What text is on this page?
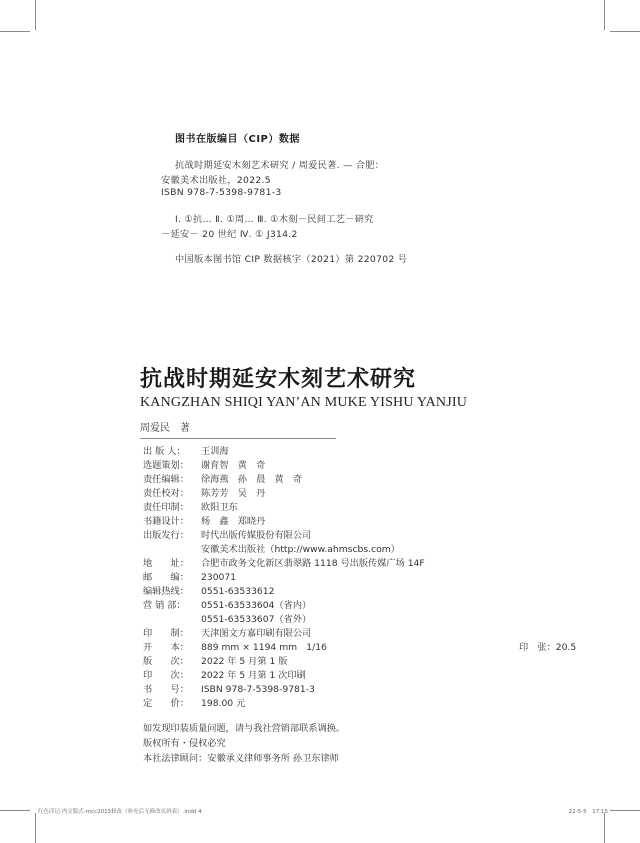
图书在版编目（CIP）数据
抗战时期延安木刻艺术研究 / 周爱民著. — 合肥：
安徽美术出版社，2022.5
ISBN 978-7-5398-9781-3
Ⅰ. ①抗… Ⅱ. ①周… Ⅲ. ①木刻－民间工艺－研究
－延安－ 20 世纪 Ⅳ. ① J314.2
中国版本图书馆 CIP 数据核字（2021）第 220702 号
抗战时期延安木刻艺术研究
KANGZHAN SHIQI YAN’AN MUKE YISHU YANJIU
周爱民　著
出 版 人： 王训海
选题策划： 谢育智　黄　奇
责任编辑： 徐海燕　孙　晨　黄　奇
责任校对： 陈芳芳　吴　丹
责任印制： 欧阳卫东
书籍设计： 杨　鑫　郑晓丹
出版发行： 时代出版传媒股份有限公司
安徽美术出版社（http://www.ahmscbs.com）
地　　址： 合肥市政务文化新区翡翠路 1118 号出版传媒广场 14F
邮　　编： 230071
编辑热线： 0551-63533612
营 销 部： 0551-63533604（省内）
0551-63533607（省外）
印　　制： 天津图文方嘉印刷有限公司
开　　本： 889 mm × 1194 mm　1/16	印　张：20.5
版　　次： 2022 年 5 月第 1 版
印　　次： 2022 年 5 月第 1 次印刷
书　　号： ISBN 978-7-5398-9781-3
定　　价： 198.00 元
如发现印装质量问题，请与我社营销部联系调换。
版权所有・侵权必究
本社法律顾问：安徽承义律师事务所 孙卫东律师
红色印记·内文版式-mcc2015修改（补充后无修改页码表）.indd 4	22-5-5　17:15
